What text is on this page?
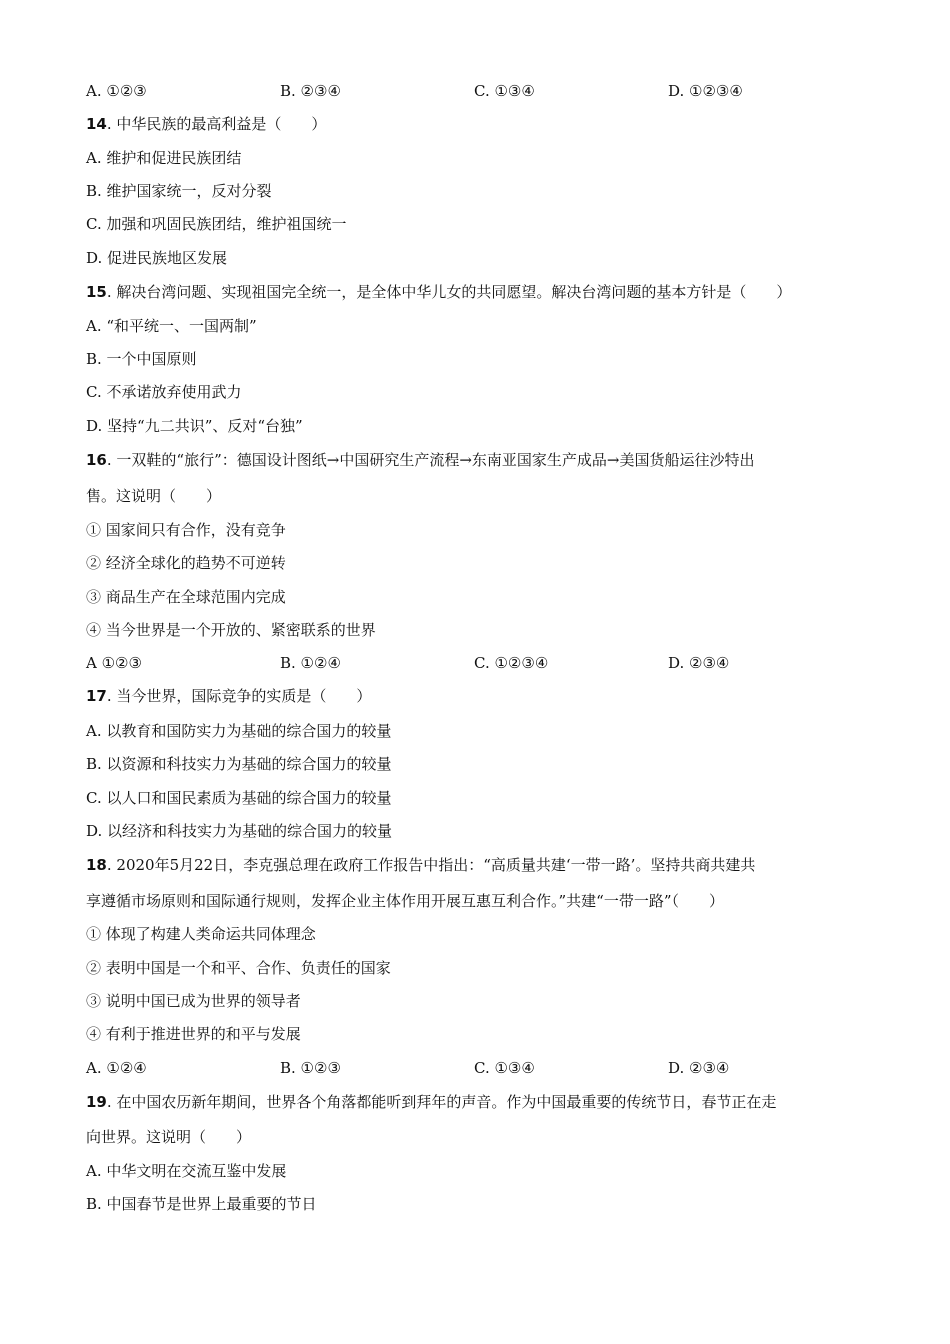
A. ①②③	B. ②③④	C. ①③④	D. ①②③④
14. 中华民族的最高利益是（　　）
A. 维护和促进民族团结
B. 维护国家统一，反对分裂
C. 加强和巩固民族团结，维护祖国统一
D. 促进民族地区发展
15. 解决台湾问题、实现祖国完全统一，是全体中华儿女的共同愿望。解决台湾问题的基本方针是（　　）
A. “和平统一、一国两制”
B. 一个中国原则
C. 不承诺放弃使用武力
D. 坚持“九二共识”、反对“台独”
16. 一双鞋的“旅行”：德国设计图纸→中国研究生产流程→东南亚国家生产成品→美国货船运往沙特出
售。这说明（　　）
① 国家间只有合作，没有竞争
② 经济全球化的趋势不可逆转
③ 商品生产在全球范围内完成
④ 当今世界是一个开放的、紧密联系的世界
A ①②③	B. ①②④	C. ①②③④	D. ②③④
17. 当今世界，国际竞争的实质是（　　）
A. 以教育和国防实力为基础的综合国力的较量
B. 以资源和科技实力为基础的综合国力的较量
C. 以人口和国民素质为基础的综合国力的较量
D. 以经济和科技实力为基础的综合国力的较量
18. 2020年5月22日，李克强总理在政府工作报告中指出：“高质量共建‘一带一路’。坚持共商共建共
享遵循市场原则和国际通行规则，发挥企业主体作用开展互惠互利合作。”共建“一带一路”（　　）
① 体现了构建人类命运共同体理念
② 表明中国是一个和平、合作、负责任的国家
③ 说明中国已成为世界的领导者
④ 有利于推进世界的和平与发展
A. ①②④	B. ①②③	C. ①③④	D. ②③④
19. 在中国农历新年期间，世界各个角落都能听到拜年的声音。作为中国最重要的传统节日，春节正在走
向世界。这说明（　　）
A. 中华文明在交流互鉴中发展
B. 中国春节是世界上最重要的节日
